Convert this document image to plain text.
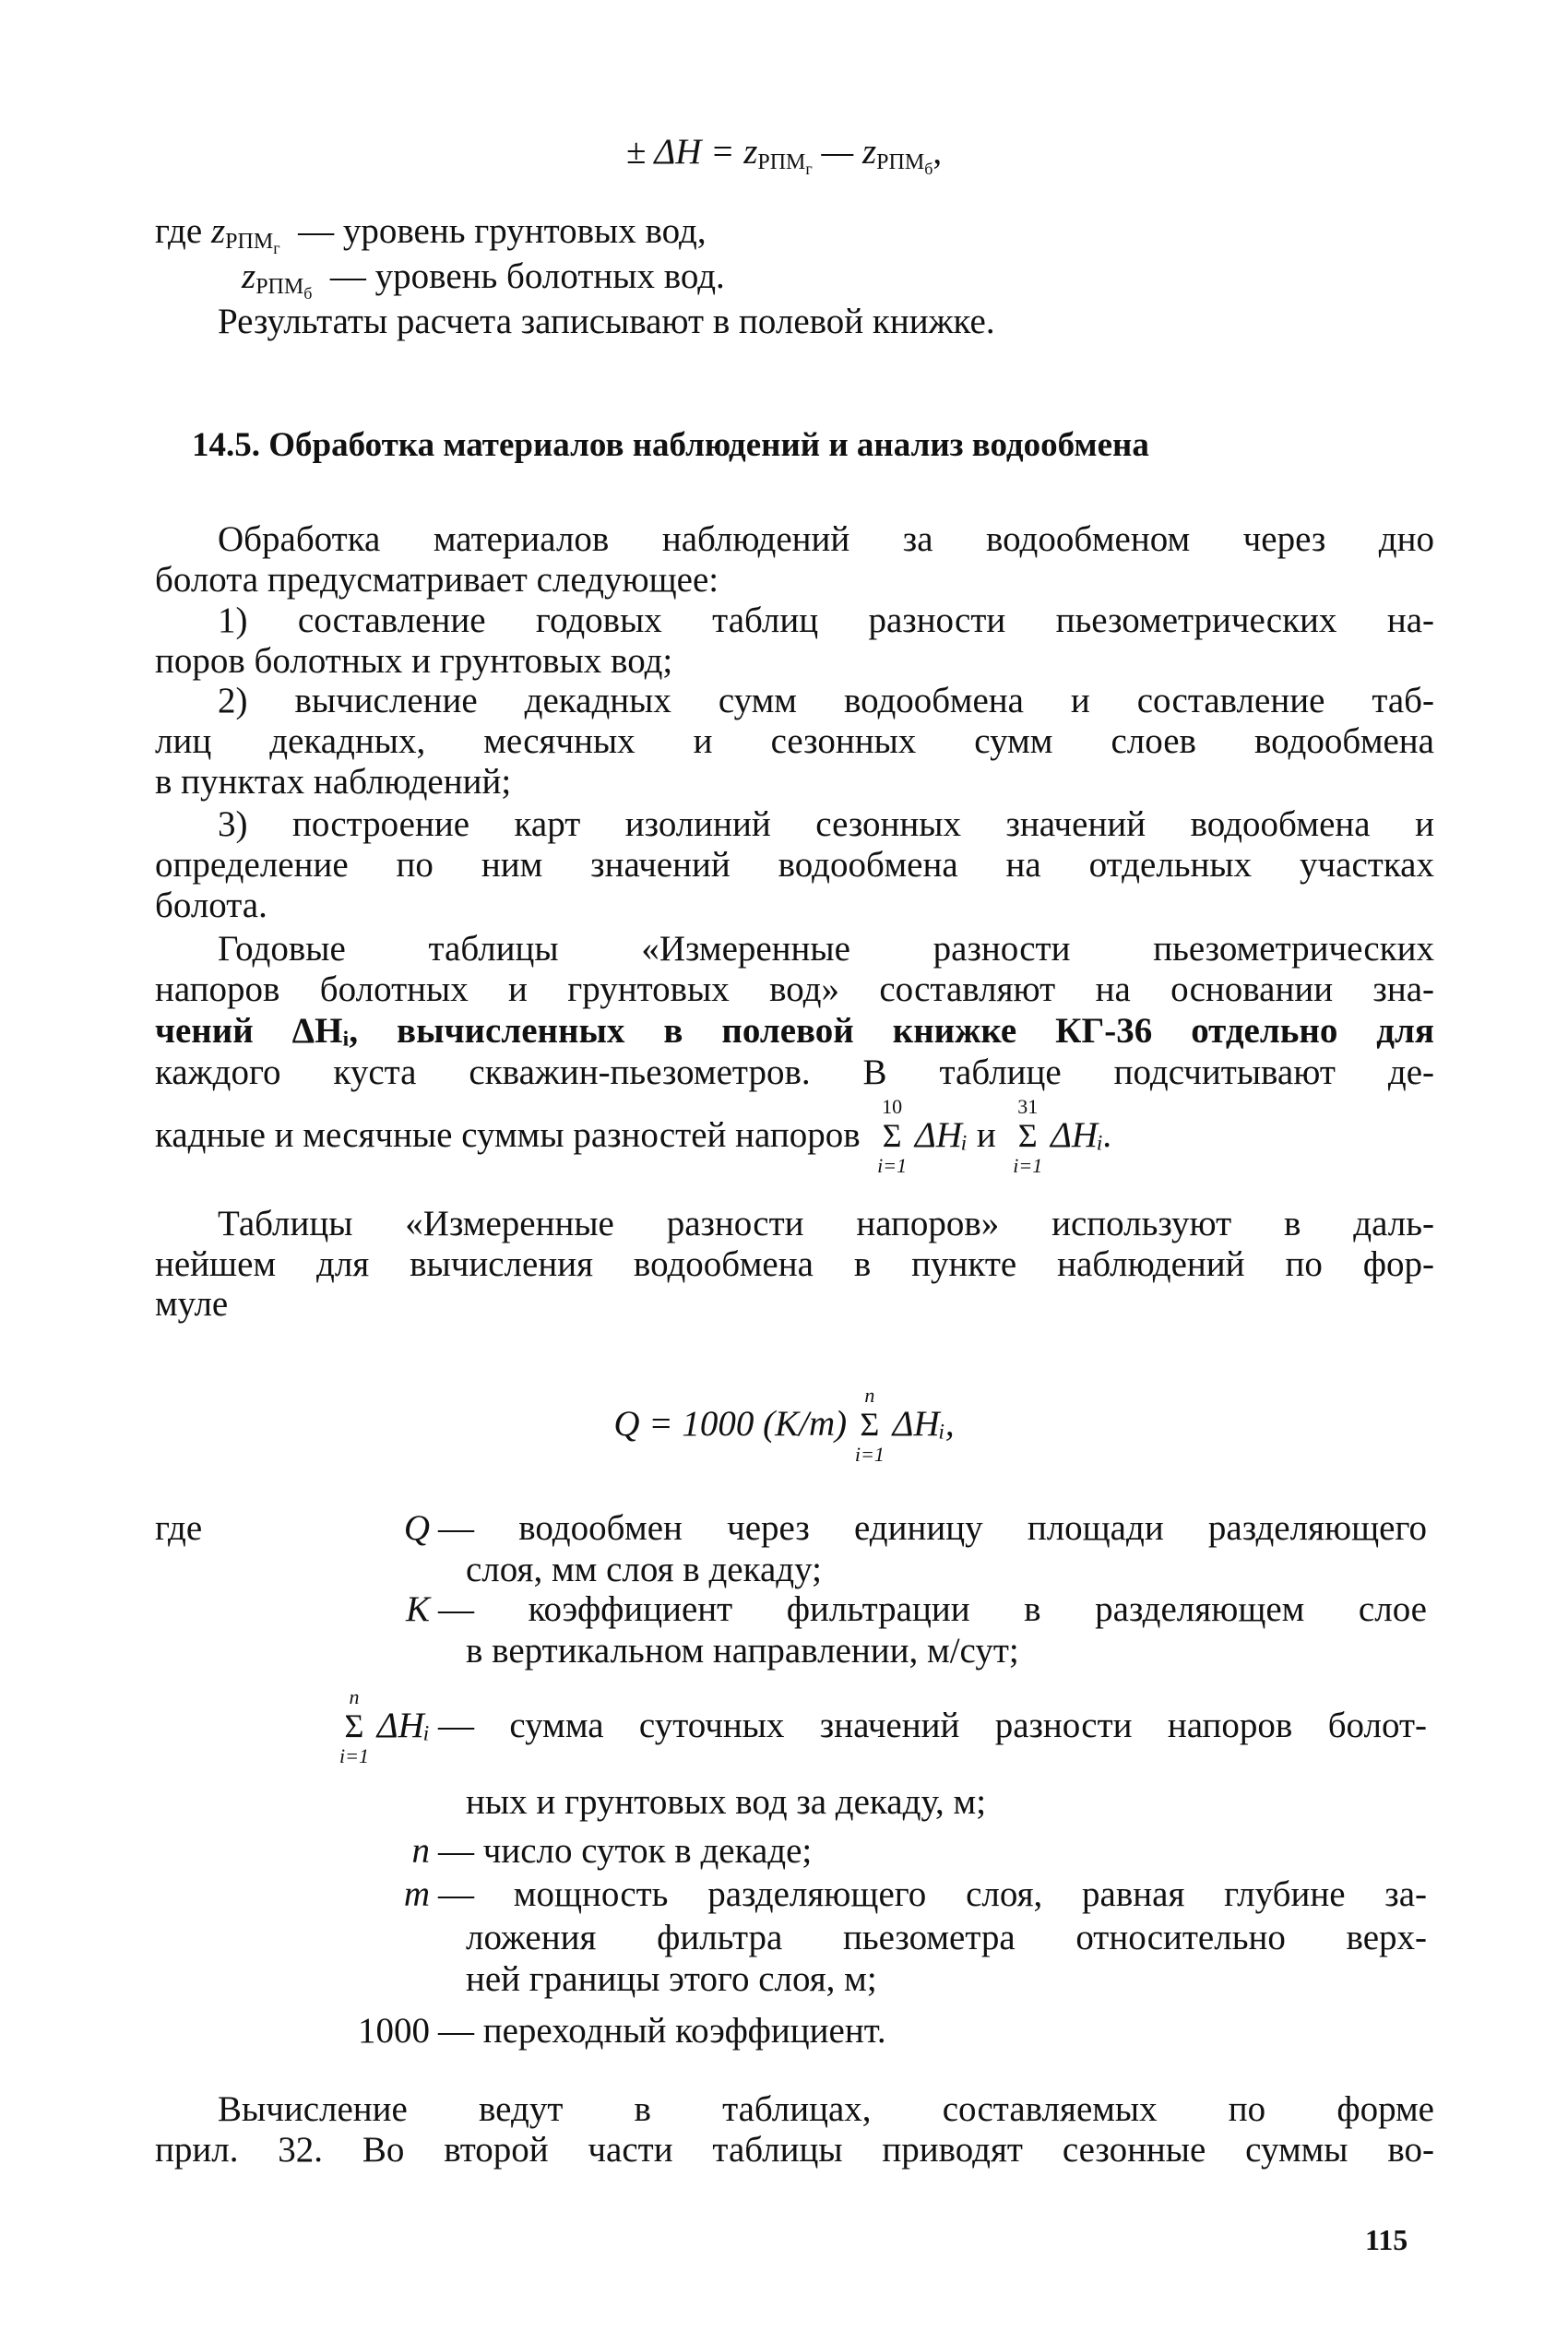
± $\Delta H = z_{РПМг}$ — $z_{РПМб}$,
где $z_{РПМг}$ — уровень грунтовых вод,
$z_{РПМб}$ — уровень болотных вод.
Результаты расчета записывают в полевой книжке.
14.5. Обработка материалов наблюдений и анализ водообмена
Обработка материалов наблюдений за водообменом через дно
болота предусматривает следующее:
1) составление годовых таблиц разности пьезометрических на-
поров болотных и грунтовых вод;
2) вычисление декадных сумм водообмена и составление таб-
лиц декадных, месячных и сезонных сумм слоев водообмена
в пунктах наблюдений;
3) построение карт изолиний сезонных значений водообмена и
определение по ним значений водообмена на отдельных участках
болота.
Годовые таблицы «Измеренные разности пьезометрических
напоров болотных и грунтовых вод» составляют на основании зна-
чений ΔHᵢ, вычисленных в полевой книжке КГ-36 отдельно для
каждого куста скважин-пьезометров. В таблице подсчитывают де-
кадные и месячные суммы разностей напоров Σ
10
i=1
ΔHᵢ и Σ
31
i=1
ΔHᵢ.
Таблицы «Измеренные разности напоров» используют в даль-
нейшем для вычисления водообмена в пункте наблюдений по фор-
муле
Q = 1000 (K/m) Σ
n
i=1
ΔHᵢ,
где	Q — водообмен через единицу площади разделяющего
слоя, мм слоя в декаду;
K — коэффициент фильтрации в разделяющем слое
в вертикальном направлении, м/сут;
Σ
n
i=1
ΔHᵢ — сумма суточных значений разности напоров болот-
ных и грунтовых вод за декаду, м;
n — число суток в декаде;
m — мощность разделяющего слоя, равная глубине за-
ложения фильтра пьезометра относительно верх-
ней границы этого слоя, м;
1000 — переходный коэффициент.
Вычисление ведут в таблицах, составляемых по форме
прил. 32. Во второй части таблицы приводят сезонные суммы во-
115
